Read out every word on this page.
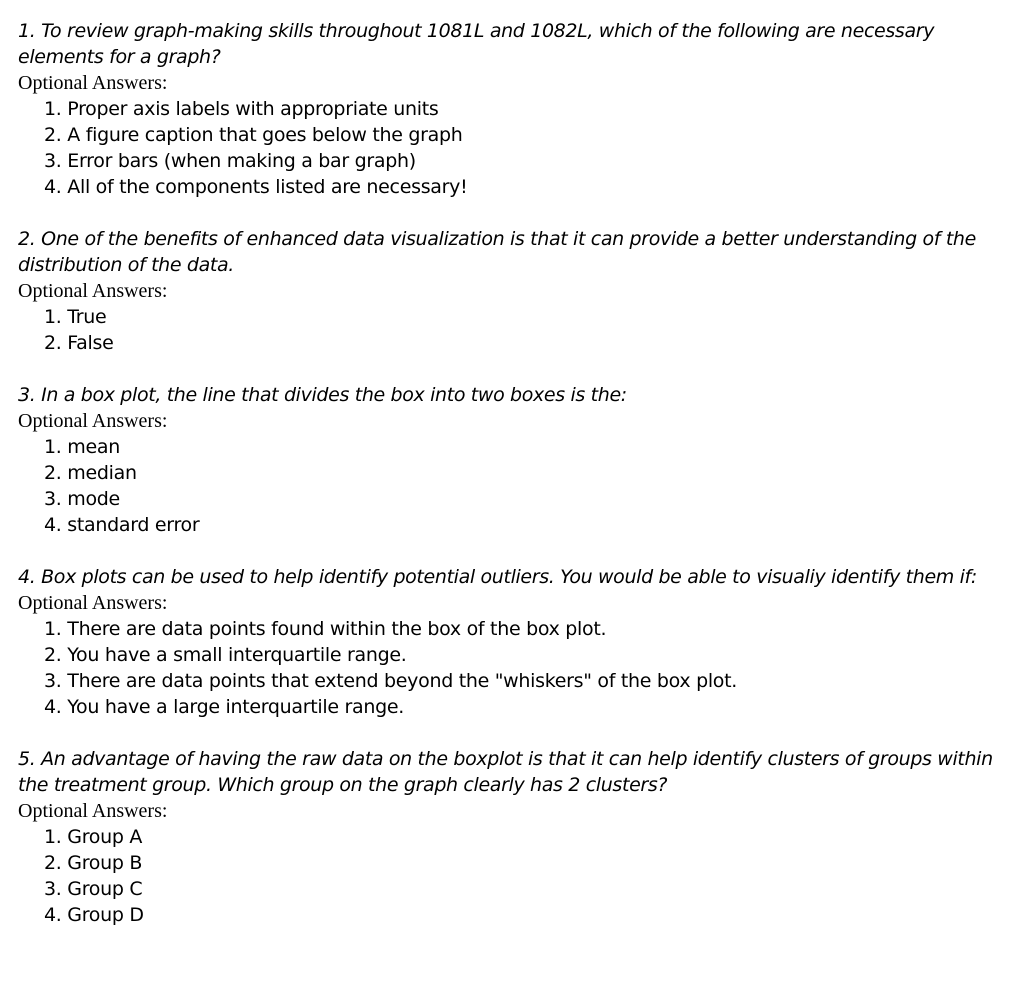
1. To review graph-making skills throughout 1081L and 1082L, which of the following are necessary elements for a graph?

Optional Answers:

1. Proper axis labels with appropriate units
2. A figure caption that goes below the graph
3. Error bars (when making a bar graph)
4. All of the components listed are necessary!

2. One of the benefits of enhanced data visualization is that it can provide a better understanding of the distribution of the data.

Optional Answers:

1. True
2. False

3. In a box plot, the line that divides the box into two boxes is the:

Optional Answers:

1. mean
2. median
3. mode
4. standard error

4. Box plots can be used to help identify potential outliers. You would be able to visualiy identify them if:

Optional Answers:

1. There are data points found within the box of the box plot.
2. You have a small interquartile range.
3. There are data points that extend beyond the "whiskers" of the box plot.
4. You have a large interquartile range.

5. An advantage of having the raw data on the boxplot is that it can help identify clusters of groups within the treatment group. Which group on the graph clearly has 2 clusters?

Optional Answers:

1. Group A
2. Group B
3. Group C
4. Group D
